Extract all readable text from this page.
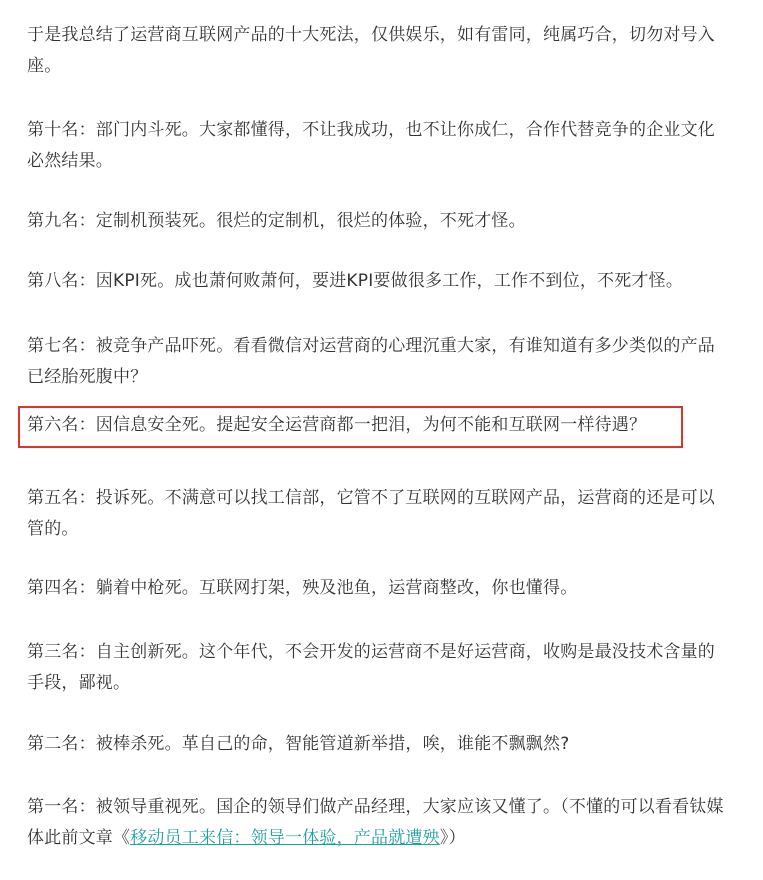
于是我总结了运营商互联网产品的十大死法，仅供娱乐，如有雷同，纯属巧合，切勿对号入座。

第十名：部门内斗死。大家都懂得，不让我成功，也不让你成仁，合作代替竞争的企业文化必然结果。

第九名：定制机预装死。很烂的定制机，很烂的体验，不死才怪。

第八名：因KPI死。成也萧何败萧何，要进KPI要做很多工作，工作不到位，不死才怪。

第七名：被竞争产品吓死。看看微信对运营商的心理沉重大家，有谁知道有多少类似的产品已经胎死腹中？

第六名：因信息安全死。提起安全运营商都一把泪，为何不能和互联网一样待遇？

第五名：投诉死。不满意可以找工信部，它管不了互联网的互联网产品，运营商的还是可以管的。

第四名：躺着中枪死。互联网打架，殃及池鱼，运营商整改，你也懂得。

第三名：自主创新死。这个年代，不会开发的运营商不是好运营商，收购是最没技术含量的手段，鄙视。

第二名：被棒杀死。革自己的命，智能管道新举措，唉，谁能不飘飘然?

第一名：被领导重视死。国企的领导们做产品经理，大家应该又懂了。（不懂的可以看看钛媒体此前文章《移动员工来信：领导一体验，产品就遭殃》）
